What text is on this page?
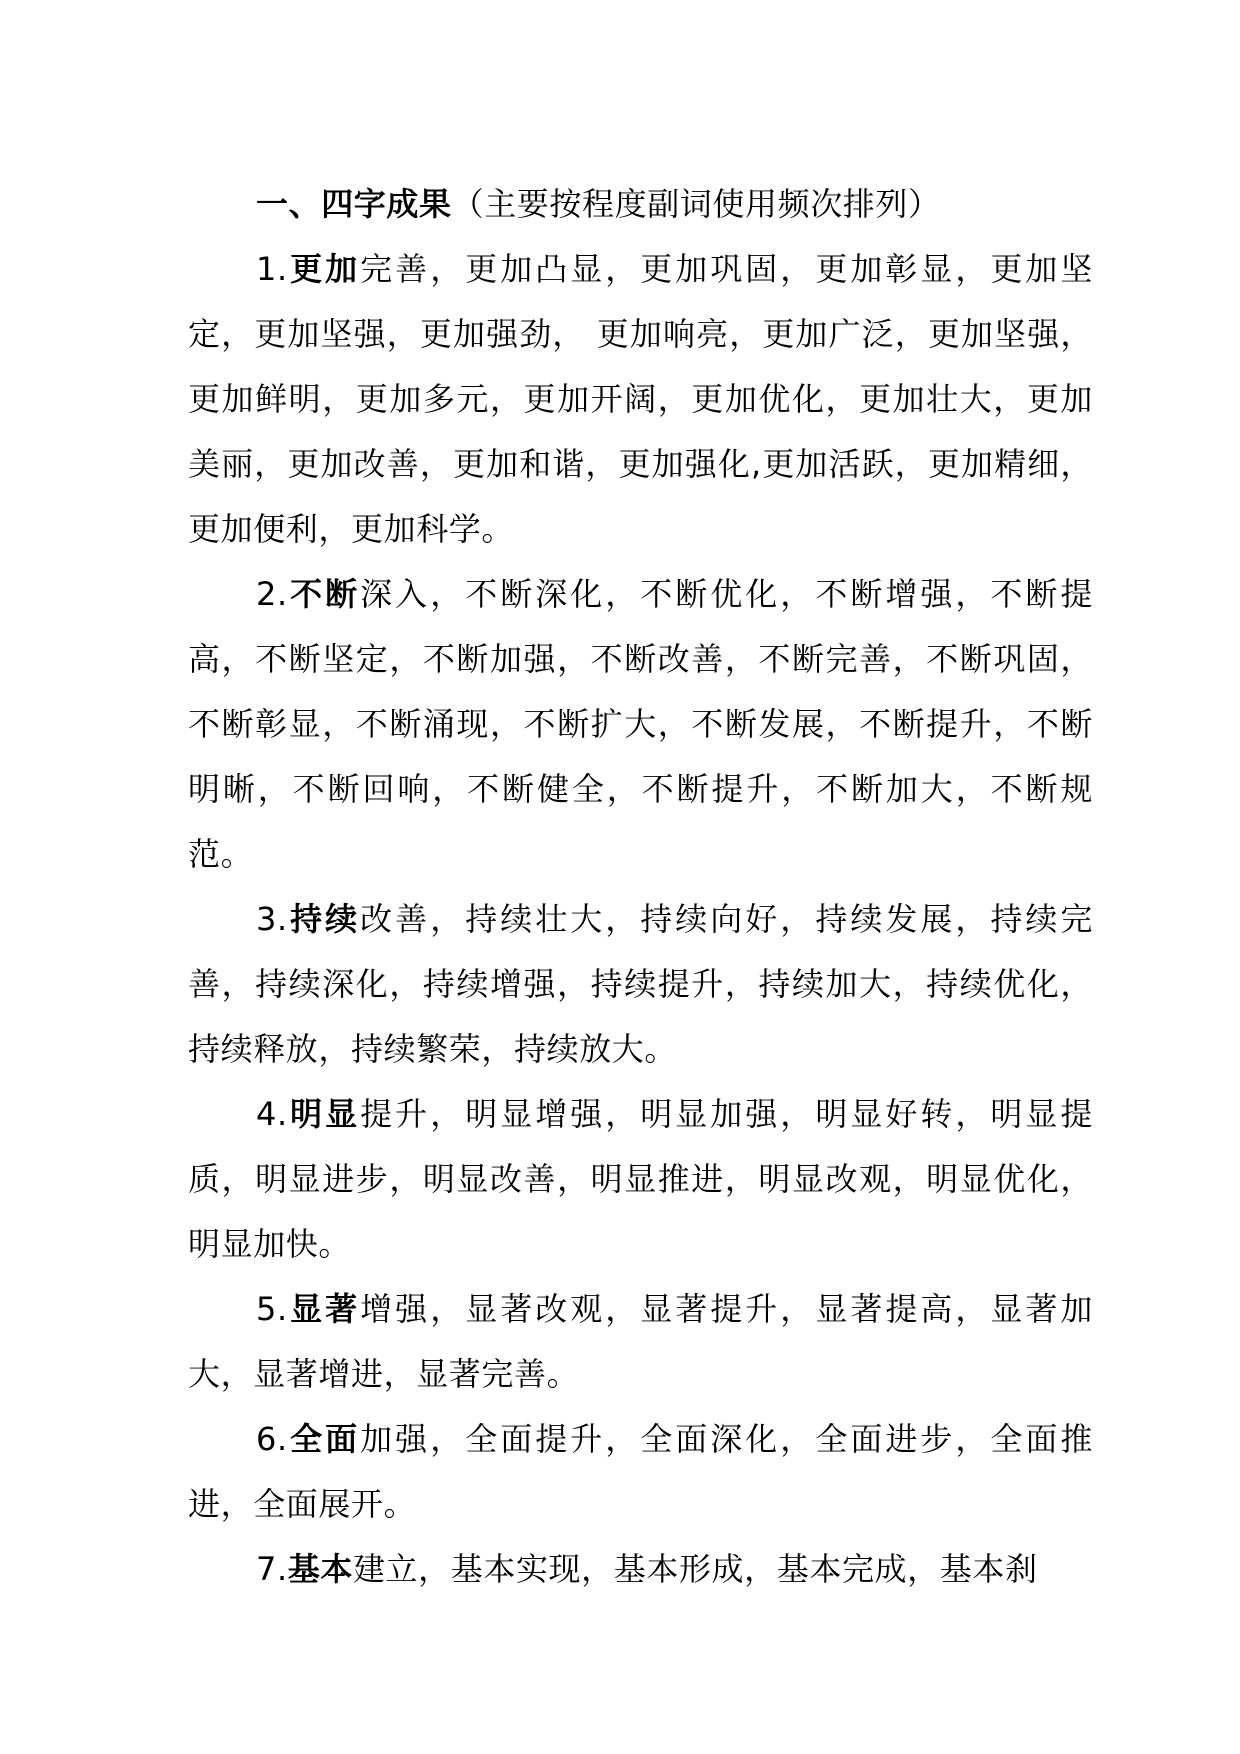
一、四字成果（主要按程度副词使用频次排列）

1.更加完善，更加凸显，更加巩固，更加彰显，更加坚定，更加坚强，更加强劲， 更加响亮，更加广泛，更加坚强，更加鲜明，更加多元，更加开阔，更加优化，更加壮大，更加美丽，更加改善，更加和谐，更加强化,更加活跃，更加精细，更加便利，更加科学。

2.不断深入，不断深化，不断优化，不断增强，不断提高，不断坚定，不断加强，不断改善，不断完善，不断巩固，不断彰显，不断涌现，不断扩大，不断发展，不断提升，不断明晰，不断回响，不断健全，不断提升，不断加大，不断规范。

3.持续改善，持续壮大，持续向好，持续发展，持续完善，持续深化，持续增强，持续提升，持续加大，持续优化，持续释放，持续繁荣，持续放大。

4.明显提升，明显增强，明显加强，明显好转，明显提质，明显进步，明显改善，明显推进，明显改观，明显优化，明显加快。

5.显著增强，显著改观，显著提升，显著提高，显著加大，显著增进，显著完善。

6.全面加强，全面提升，全面深化，全面进步，全面推进，全面展开。

7.基本建立，基本实现，基本形成，基本完成，基本刹
